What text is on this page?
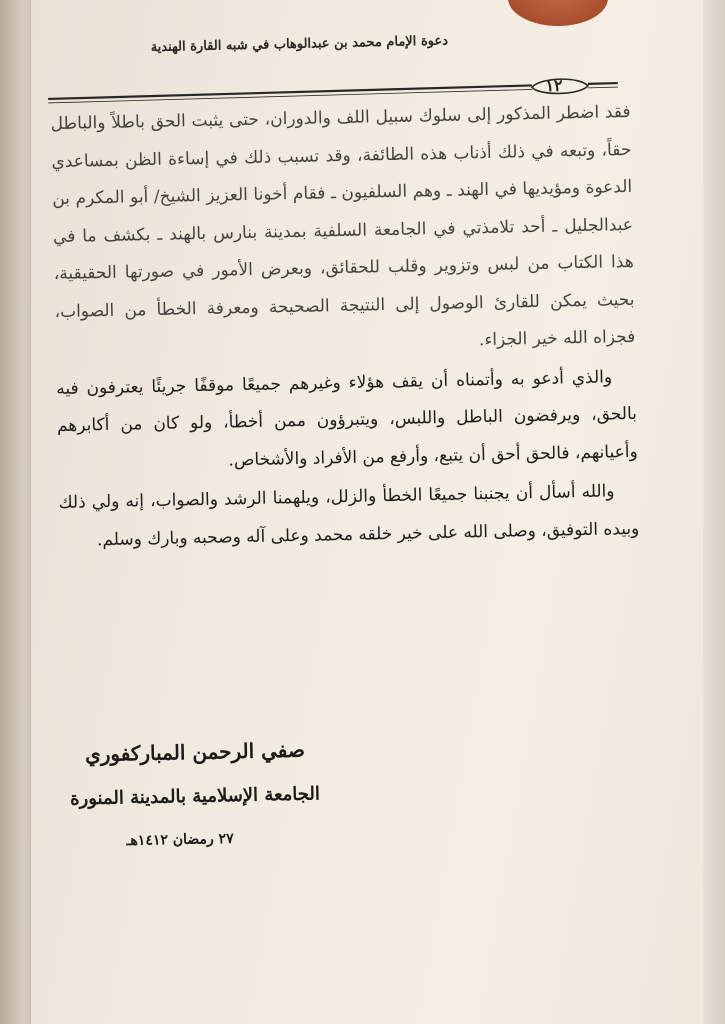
دعوة الإمام محمد بن عبدالوهاب في شبه القارة الهندية
١٢

فقد اضطر المذكور إلى سلوك سبيل اللف والدوران، حتى يثبت الحق باطلاً والباطل حقاً، وتبعه في ذلك أذناب هذه الطائفة، وقد تسبب ذلك في إساءة الظن بمساعدي الدعوة ومؤيديها في الهند ـ وهم السلفيون ـ فقام أخونا العزيز الشيخ/ أبو المكرم بن عبدالجليل ـ أحد تلامذتي في الجامعة السلفية بمدينة بنارس بالهند ـ بكشف ما في هذا الكتاب من لبس وتزوير وقلب للحقائق، وبعرض الأمور في صورتها الحقيقية، بحيث يمكن للقارئ الوصول إلى النتيجة الصحيحة ومعرفة الخطأ من الصواب، فجزاه الله خير الجزاء.

والذي أدعو به وأتمناه أن يقف هؤلاء وغيرهم جميعًا موقفًا جريئًا يعترفون فيه بالحق، ويرفضون الباطل واللبس، ويتبرؤون ممن أخطأ، ولو كان من أكابرهم وأعيانهم، فالحق أحق أن يتبع، وأرفع من الأفراد والأشخاص.

والله أسأل أن يجنبنا جميعًا الخطأ والزلل، ويلهمنا الرشد والصواب، إنه ولي ذلك وبيده التوفيق، وصلى الله على خير خلقه محمد وعلى آله وصحبه وبارك وسلم.

صفي الرحمن المباركفوري
الجامعة الإسلامية بالمدينة المنورة
٢٧ رمضان ١٤١٢هـ
